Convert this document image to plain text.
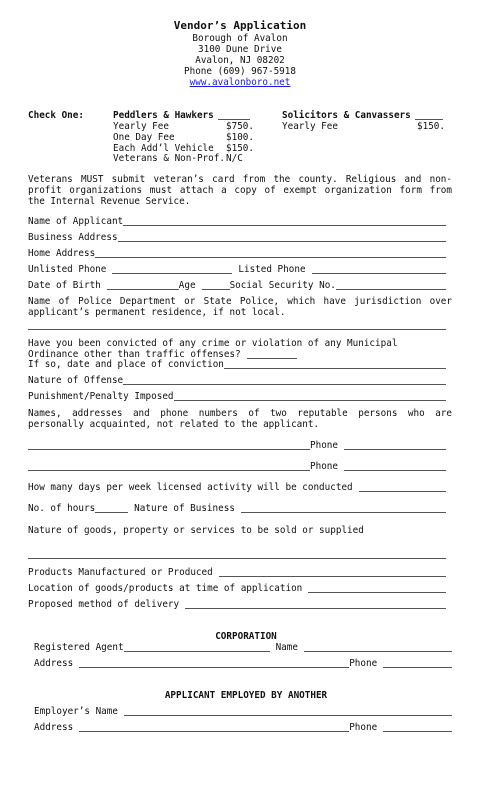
Vendor’s Application
Borough of Avalon
3100 Dune Drive
Avalon, NJ 08202
Phone (609) 967-5918
www.avalonboro.net
Check One:	Peddlers & Hawkers
Yearly Fee	$750.
One Day Fee	$100.
Each Add’l Vehicle $150.
Veterans & Non-Prof. N/C
Solicitors & Canvassers
Yearly Fee	$150.
Veterans MUST submit veteran’s card from the county. Religious and non-profit organizations must attach a copy of exempt organization form from the Internal Revenue Service.
Name of Applicant
Business Address
Home Address
Unlisted Phone	Listed Phone
Date of Birth	Age	Social Security No.
Name of Police Department or State Police, which have jurisdiction over applicant’s permanent residence, if not local.
Have you been convicted of any crime or violation of any Municipal
Ordinance other than traffic offenses?
If so, date and place of conviction
Nature of Offense
Punishment/Penalty Imposed
Names, addresses and phone numbers of two reputable persons who are personally acquainted, not related to the applicant.
Phone
Phone
How many days per week licensed activity will be conducted
No. of hours	Nature of Business
Nature of goods, property or services to be sold or supplied
Products Manufactured or Produced
Location of goods/products at time of application
Proposed method of delivery
CORPORATION
Registered Agent	Name
Address	Phone
APPLICANT EMPLOYED BY ANOTHER
Employer’s Name
Address	Phone
